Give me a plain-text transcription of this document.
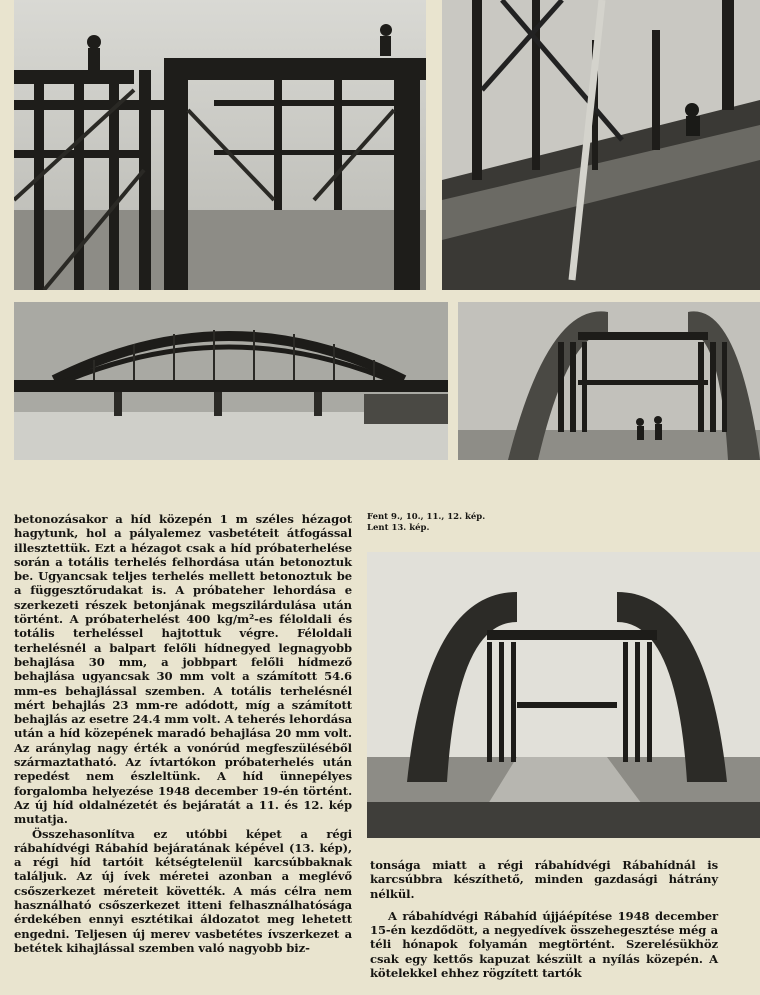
Fent 9., 10., 11., 12. kép.
Lent 13. kép.

betonozásakor a híd közepén 1 m széles hézagot hagytunk, hol a pályalemez vasbetéteit átfogással illesztettük. Ezt a hézagot csak a híd próbaterhelése során a totális terhelés felhordása után betonoztuk be. Ugyancsak teljes terhelés mellett betonoztuk be a függesztőrudakat is. A próbateher lehordása e szerkezeti részek betonjának megszilárdulása után történt. A próbaterhelést 400 kg/m²-es féloldali és totális terheléssel hajtottuk végre. Féloldali terhelésnél a balpart felőli hídnegyed legnagyobb behajlása 30 mm, a jobbpart felőli hídmező behajlása ugyancsak 30 mm volt a számított 54.6 mm-es behajlással szemben. A totális terhelésnél mért behajlás 23 mm-re adódott, míg a számított behajlás az esetre 24.4 mm volt. A teherés lehordása után a híd közepének maradó behajlása 20 mm volt. Az aránylag nagy érték a vonórúd megfeszüléséből származtatható. Az ívtartókon próbaterhelés után repedést nem észleltünk. A híd ünnepélyes forgalomba helyezése 1948 december 19-én történt. Az új híd oldalnézetét és bejáratát a 11. és 12. kép mutatja.

Összehasonlítva ez utóbbi képet a régi rábahídvégi Rábahíd bejáratának képével (13. kép), a régi híd tartóit kétségtelenül karcsúbbaknak találjuk. Az új ívek méretei azonban a meglévő csőszerkezet méreteit követték. A más célra nem használható csőszerkezet itteni felhasználhatósága érdekében ennyi esztétikai áldozatot meg lehetett engedni. Teljesen új merev vasbetétes ívszerkezet a betétek kihajlással szemben való nagyobb biz-

tonsága miatt a régi rábahídvégi Rábahídnál is karcsúbbra készíthető, minden gazdasági hátrány nélkül.

A rábahídvégi Rábahíd újjáépítése 1948 december 15-én kezdődött, a negyedívek összehegesztése még a téli hónapok folyamán megtörtént. Szerelésükhöz csak egy kettős kapuzat készült a nyílás közepén. A kötelekkel ehhez rögzített tartók
